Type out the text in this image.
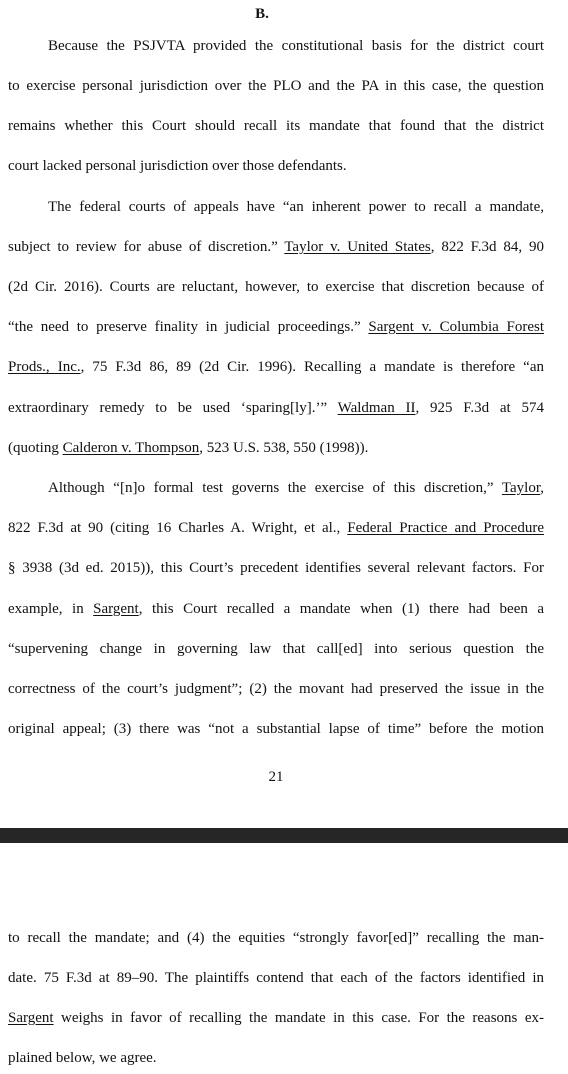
B.
Because the PSJVTA provided the constitutional basis for the district court
to exercise personal jurisdiction over the PLO and the PA in this case, the question
remains whether this Court should recall its mandate that found that the district
court lacked personal jurisdiction over those defendants.
The federal courts of appeals have “an inherent power to recall a mandate,
subject to review for abuse of discretion.” Taylor v. United States, 822 F.3d 84, 90
(2d Cir. 2016). Courts are reluctant, however, to exercise that discretion because of
“the need to preserve finality in judicial proceedings.” Sargent v. Columbia Forest
Prods., Inc., 75 F.3d 86, 89 (2d Cir. 1996). Recalling a mandate is therefore “an
extraordinary remedy to be used ‘sparing[ly].’” Waldman II, 925 F.3d at 574
(quoting Calderon v. Thompson, 523 U.S. 538, 550 (1998)).
Although “[n]o formal test governs the exercise of this discretion,” Taylor,
822 F.3d at 90 (citing 16 Charles A. Wright, et al., Federal Practice and Procedure
§ 3938 (3d ed. 2015)), this Court’s precedent identifies several relevant factors. For
example, in Sargent, this Court recalled a mandate when (1) there had been a
“supervening change in governing law that call[ed] into serious question the
correctness of the court’s judgment”; (2) the movant had preserved the issue in the
original appeal; (3) there was “not a substantial lapse of time” before the motion
21
to recall the mandate; and (4) the equities “strongly favor[ed]” recalling the man-
date. 75 F.3d at 89–90. The plaintiffs contend that each of the factors identified in
Sargent weighs in favor of recalling the mandate in this case. For the reasons ex-
plained below, we agree.
